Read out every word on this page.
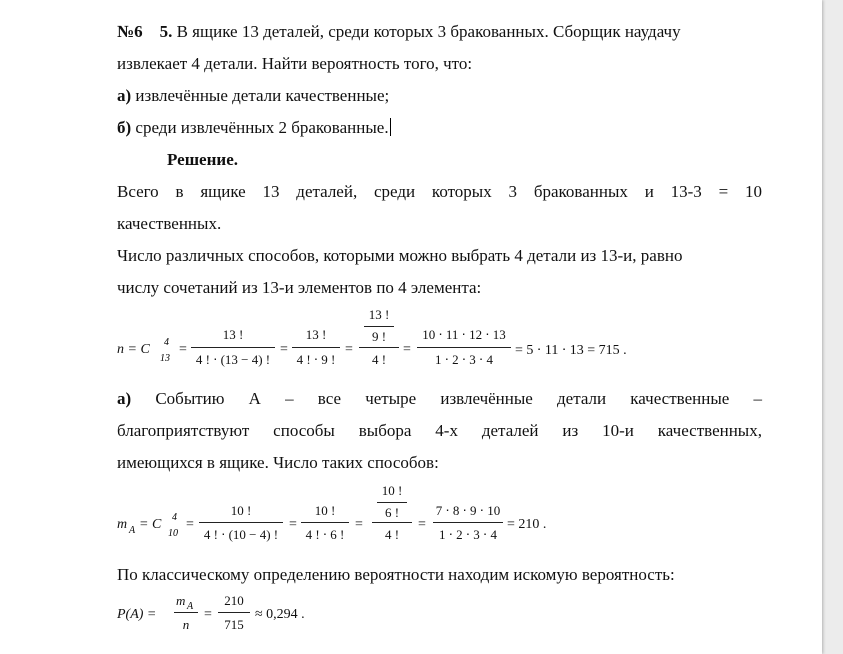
№6 5. В ящике 13 деталей, среди которых 3 бракованных. Сборщик наудачу
извлекает 4 детали. Найти вероятность того, что:
а) извлечённые детали качественные;
б) среди извлечённых 2 бракованные.
Решение.
Всего в ящике 13 деталей, среди которых 3 бракованных и 13-3 = 10
качественных.
Число различных способов, которыми можно выбрать 4 детали из 13-и, равно
числу сочетаний из 13-и элементов по 4 элемента:
n = C 4
13
=
13 !
4 ! ⋅ (13 − 4) !
=
13 !
4 ! ⋅ 9 !
=
13 !
9 !
4 !
=
10 ⋅ 11 ⋅ 12 ⋅ 13
1 ⋅ 2 ⋅ 3 ⋅ 4
= 5 ⋅ 11 ⋅ 13 = 715 .
а) Событию А – все четыре извлечённые детали качественные –
благоприятствуют способы выбора 4-х деталей из 10-и качественных,
имеющихся в ящике. Число таких способов:
m A = C 4
10
=
10 !
4 ! ⋅ (10 − 4) !
=
10 !
4 ! ⋅ 6 !
=
10 !
6 !
4 !
=
7 ⋅ 8 ⋅ 9 ⋅ 10
1 ⋅ 2 ⋅ 3 ⋅ 4
= 210 .
По классическому определению вероятности находим искомую вероятность:
P(A) =
m A
n
=
210
715
≈ 0,294 .
